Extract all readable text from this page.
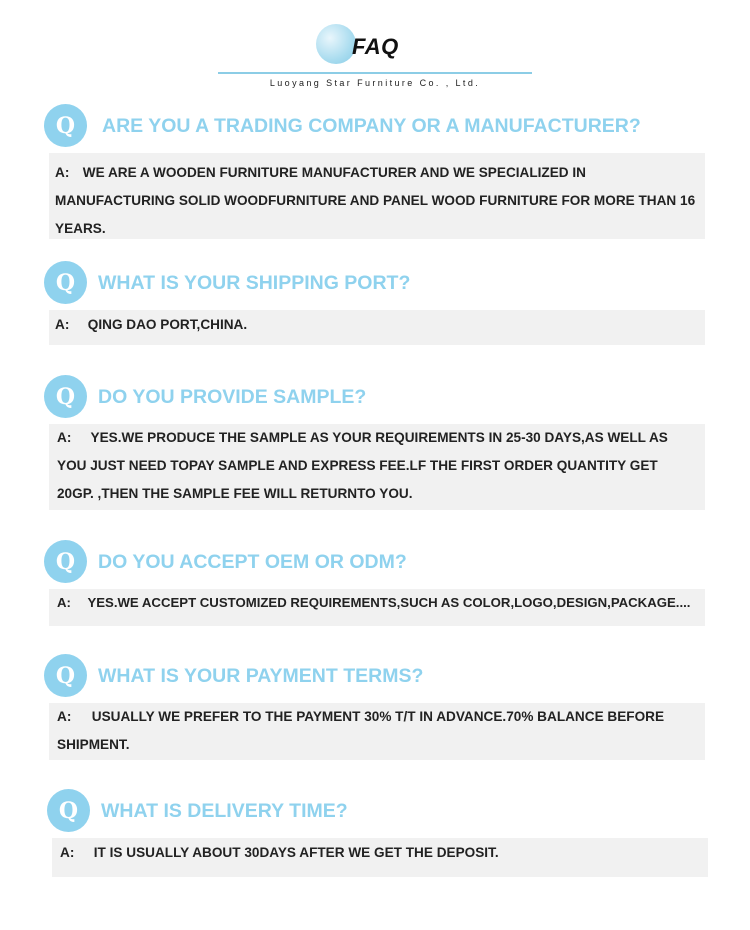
FAQ
Luoyang Star Furniture Co. , Ltd.
Q	ARE YOU A TRADING COMPANY OR A MANUFACTURER?
A: WE ARE A WOODEN FURNITURE MANUFACTURER AND WE SPECIALIZED IN MANUFACTURING SOLID WOODFURNITURE AND PANEL WOOD FURNITURE FOR MORE THAN 16 YEARS.
Q	WHAT IS YOUR SHIPPING PORT?
A: QING DAO PORT,CHINA.
Q	DO YOU PROVIDE SAMPLE?
A: YES.WE PRODUCE THE SAMPLE AS YOUR REQUIREMENTS IN 25-30 DAYS,AS WELL AS YOU JUST NEED TOPAY SAMPLE AND EXPRESS FEE.LF THE FIRST ORDER QUANTITY GET 20GP. ,THEN THE SAMPLE FEE WILL RETURNTO YOU.
Q	DO YOU ACCEPT OEM OR ODM?
A: YES.WE ACCEPT CUSTOMIZED REQUIREMENTS,SUCH AS COLOR,LOGO,DESIGN,PACKAGE....
Q	WHAT IS YOUR PAYMENT TERMS?
A: USUALLY WE PREFER TO THE PAYMENT 30% T/T IN ADVANCE.70% BALANCE BEFORE SHIPMENT.
Q	WHAT IS DELIVERY TIME?
A: IT IS USUALLY ABOUT 30DAYS AFTER WE GET THE DEPOSIT.
